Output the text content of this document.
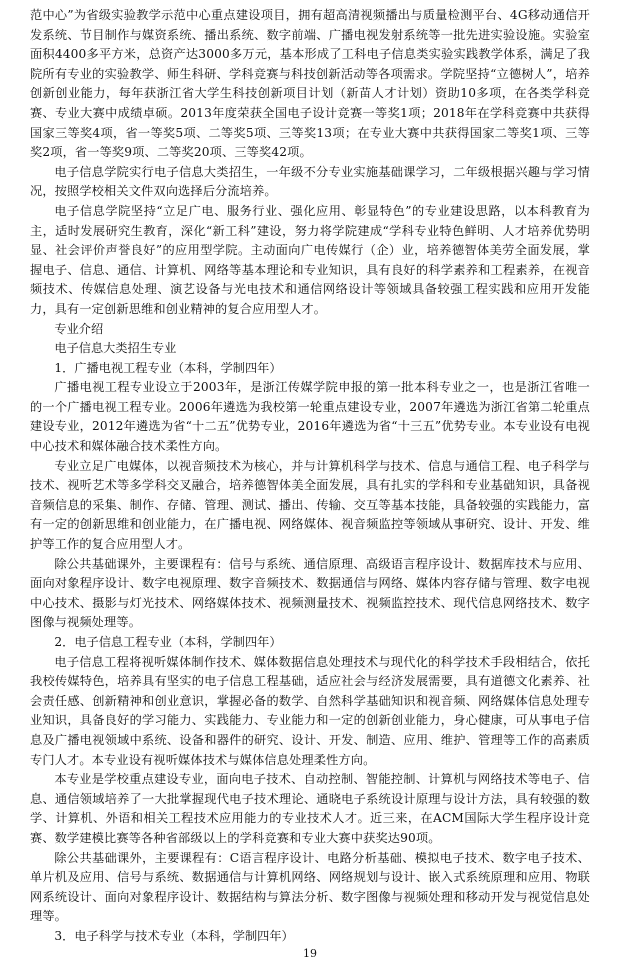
范中心”为省级实验教学示范中心重点建设项目，拥有超高清视频播出与质量检测平台、4G移动通信开发系统、节目制作与媒资系统、播出系统、数字前端、广播电视发射系统等一批先进实验设施。实验室面积4400多平方米，总资产达3000多万元，基本形成了工科电子信息类实验实践教学体系，满足了我院所有专业的实验教学、师生科研、学科竞赛与科技创新活动等各项需求。学院坚持“立德树人”，培养创新创业能力，每年获浙江省大学生科技创新项目计划（新苗人才计划）资助10多项，在各类学科竞赛、专业大赛中成绩卓硕。2013年度荣获全国电子设计竞赛一等奖1项；2018年在学科竞赛中共获得国家三等奖4项，省一等奖5项、二等奖5项、三等奖13项；在专业大赛中共获得国家二等奖1项、三等奖2项，省一等奖9项、二等奖20项、三等奖42项。

电子信息学院实行电子信息大类招生，一年级不分专业实施基础课学习，二年级根据兴趣与学习情况，按照学校相关文件双向选择后分流培养。

电子信息学院坚持“立足广电、服务行业、强化应用、彰显特色”的专业建设思路，以本科教育为主，适时发展研究生教育，深化“新工科”建设，努力将学院建成“学科专业特色鲜明、人才培养优势明显、社会评价声誉良好”的应用型学院。主动面向广电传媒行（企）业，培养德智体美劳全面发展，掌握电子、信息、通信、计算机、网络等基本理论和专业知识，具有良好的科学素养和工程素养，在视音频技术、传媒信息处理、演艺设备与光电技术和通信网络设计等领域具备较强工程实践和应用开发能力，具有一定创新思维和创业精神的复合应用型人才。

专业介绍

电子信息大类招生专业

1．广播电视工程专业（本科，学制四年）

广播电视工程专业设立于2003年，是浙江传媒学院申报的第一批本科专业之一，也是浙江省唯一的一个广播电视工程专业。2006年遴选为我校第一轮重点建设专业，2007年遴选为浙江省第二轮重点建设专业，2012年遴选为省“十二五”优势专业，2016年遴选为省“十三五”优势专业。本专业设有电视中心技术和媒体融合技术柔性方向。

专业立足广电媒体，以视音频技术为核心，并与计算机科学与技术、信息与通信工程、电子科学与技术、视听艺术等多学科交叉融合，培养德智体美全面发展，具有扎实的学科和专业基础知识，具备视音频信息的采集、制作、存储、管理、测试、播出、传输、交互等基本技能，具备较强的实践能力，富有一定的创新思维和创业能力，在广播电视、网络媒体、视音频监控等领域从事研究、设计、开发、维护等工作的复合应用型人才。

除公共基础课外，主要课程有：信号与系统、通信原理、高级语言程序设计、数据库技术与应用、面向对象程序设计、数字电视原理、数字音频技术、数据通信与网络、媒体内容存储与管理、数字电视中心技术、摄影与灯光技术、网络媒体技术、视频测量技术、视频监控技术、现代信息网络技术、数字图像与视频处理等。

2．电子信息工程专业（本科，学制四年）

电子信息工程将视听媒体制作技术、媒体数据信息处理技术与现代化的科学技术手段相结合，依托我校传媒特色，培养具有坚实的电子信息工程基础，适应社会与经济发展需要，具有道德文化素养、社会责任感、创新精神和创业意识，掌握必备的数学、自然科学基础知识和视音频、网络媒体信息处理专业知识，具备良好的学习能力、实践能力、专业能力和一定的创新创业能力，身心健康，可从事电子信息及广播电视领域中系统、设备和器件的研究、设计、开发、制造、应用、维护、管理等工作的高素质专门人才。本专业设有视听媒体技术与媒体信息处理柔性方向。

本专业是学校重点建设专业，面向电子技术、自动控制、智能控制、计算机与网络技术等电子、信息、通信领域培养了一大批掌握现代电子技术理论、通晓电子系统设计原理与设计方法，具有较强的数学、计算机、外语和相关工程技术应用能力的专业技术人才。近三来，在ACM国际大学生程序设计竞赛、数学建模比赛等各种省部级以上的学科竞赛和专业大赛中获奖达90项。

除公共基础课外，主要课程有：C语言程序设计、电路分析基础、模拟电子技术、数字电子技术、单片机及应用、信号与系统、数据通信与计算机网络、网络规划与设计、嵌入式系统原理和应用、物联网系统设计、面向对象程序设计、数据结构与算法分析、数字图像与视频处理和移动开发与视觉信息处理等。

3．电子科学与技术专业（本科，学制四年）

19
